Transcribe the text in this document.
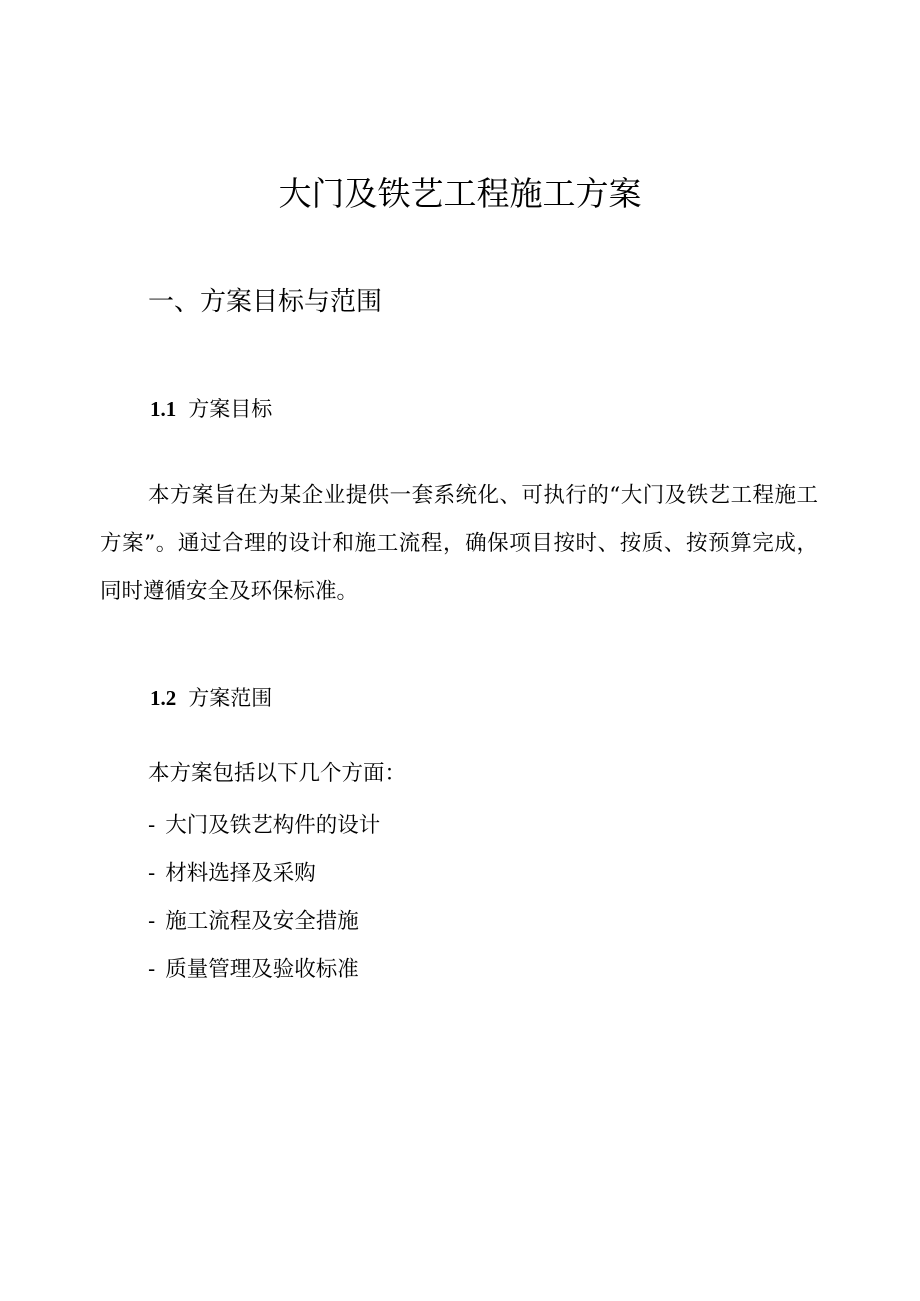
大门及铁艺工程施工方案
一、方案目标与范围
1.1 方案目标

本方案旨在为某企业提供一套系统化、可执行的“大门及铁艺工程施工方案”。通过合理的设计和施工流程，确保项目按时、按质、按预算完成，同时遵循安全及环保标准。

1.2 方案范围

本方案包括以下几个方面：

- 大门及铁艺构件的设计
- 材料选择及采购
- 施工流程及安全措施
- 质量管理及验收标准
